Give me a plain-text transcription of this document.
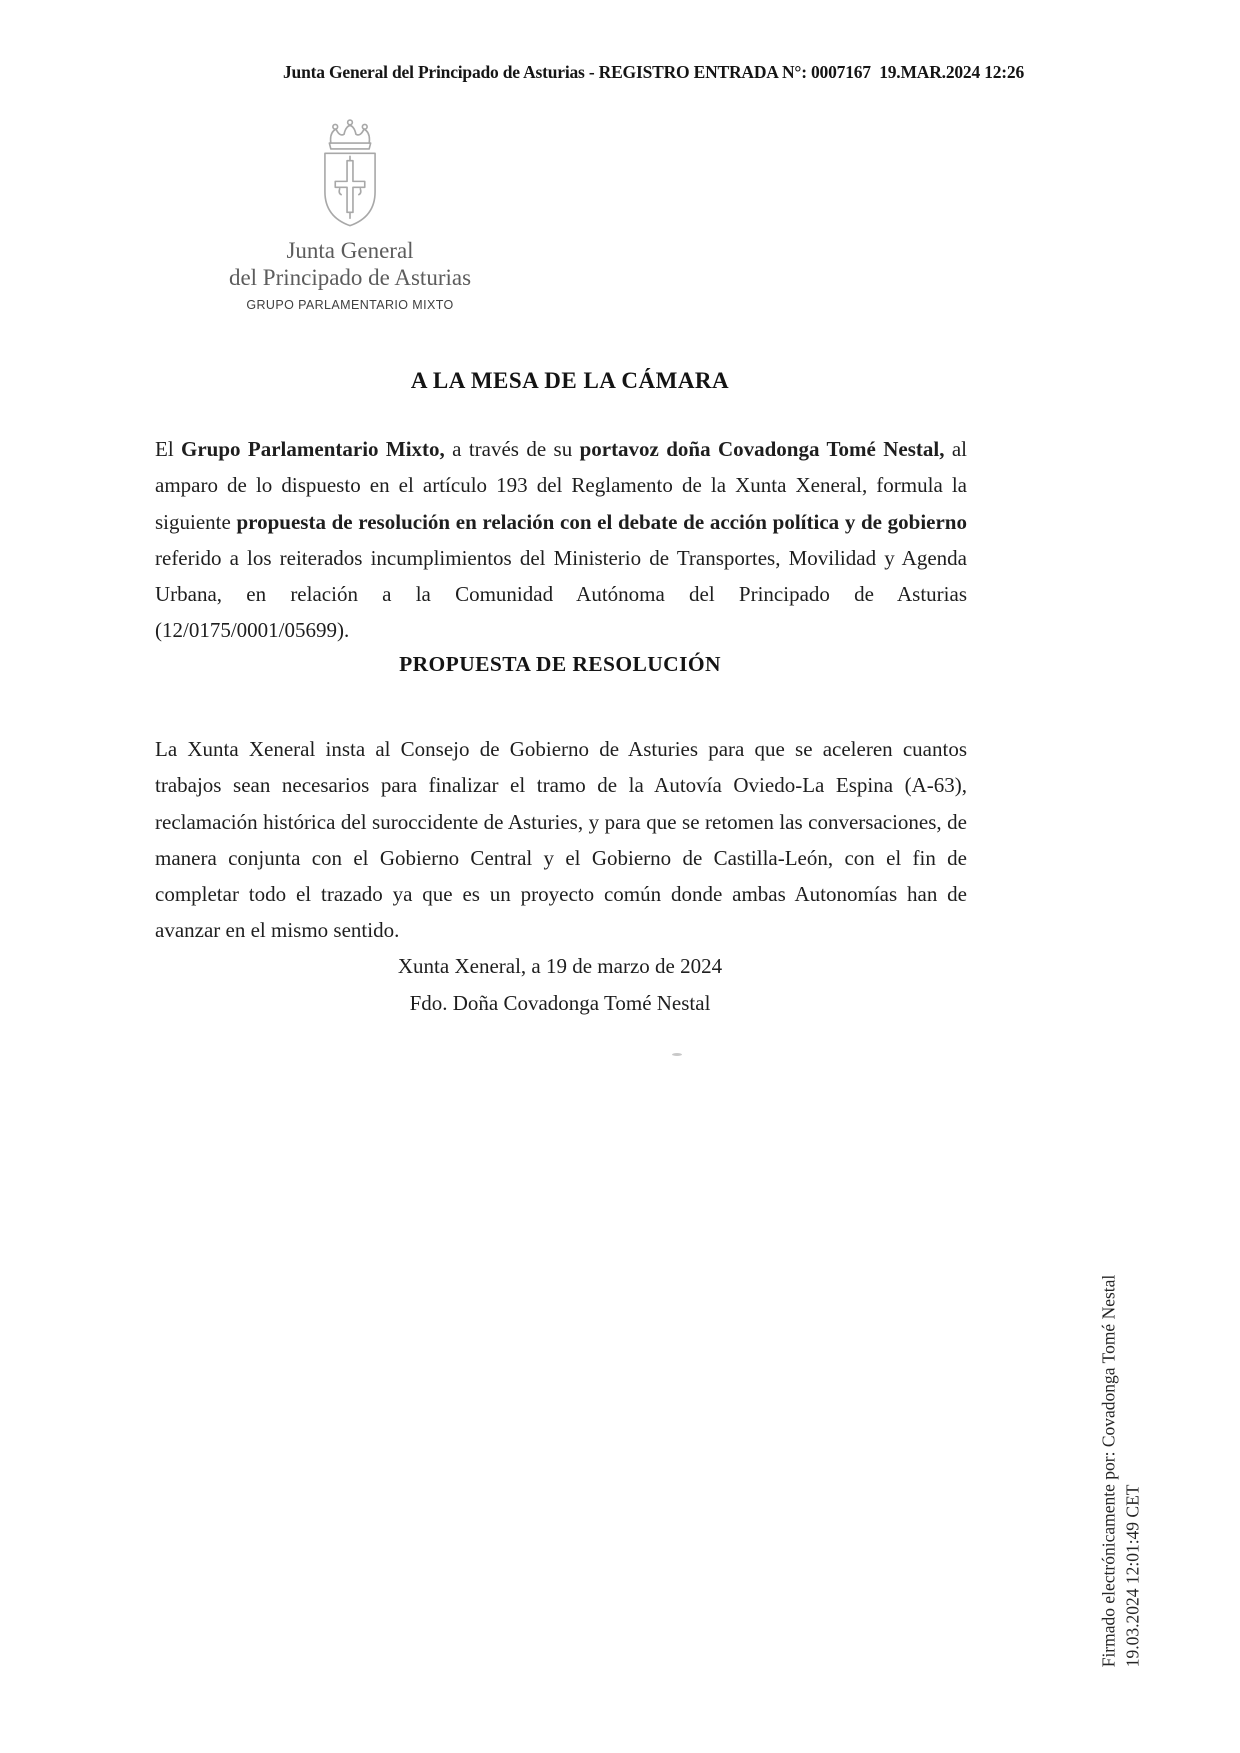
Junta General del Principado de Asturias - REGISTRO ENTRADA N°: 0007167  19.MAR.2024 12:26
Junta General
del Principado de Asturias
GRUPO PARLAMENTARIO MIXTO
A LA MESA DE LA CÁMARA

El Grupo Parlamentario Mixto, a través de su portavoz doña Covadonga Tomé Nestal, al amparo de lo dispuesto en el artículo 193 del Reglamento de la Xunta Xeneral, formula la siguiente propuesta de resolución en relación con el debate de acción política y de gobierno referido a los reiterados incumplimientos del Ministerio de Transportes, Movilidad y Agenda Urbana, en relación a la Comunidad Autónoma del Principado de Asturias (12/0175/0001/05699).

PROPUESTA DE RESOLUCIÓN

La Xunta Xeneral insta al Consejo de Gobierno de Asturies para que se aceleren cuantos trabajos sean necesarios para finalizar el tramo de la Autovía Oviedo-La Espina (A-63), reclamación histórica del suroccidente de Asturies, y para que se retomen las conversaciones, de manera conjunta con el Gobierno Central y el Gobierno de Castilla-León, con el fin de completar todo el trazado ya que es un proyecto común donde ambas Autonomías han de avanzar en el mismo sentido.

Xunta Xeneral, a 19 de marzo de 2024
Fdo. Doña Covadonga Tomé Nestal
Firmado electrónicamente por: Covadonga Tomé Nestal 19.03.2024 12:01:49 CET
